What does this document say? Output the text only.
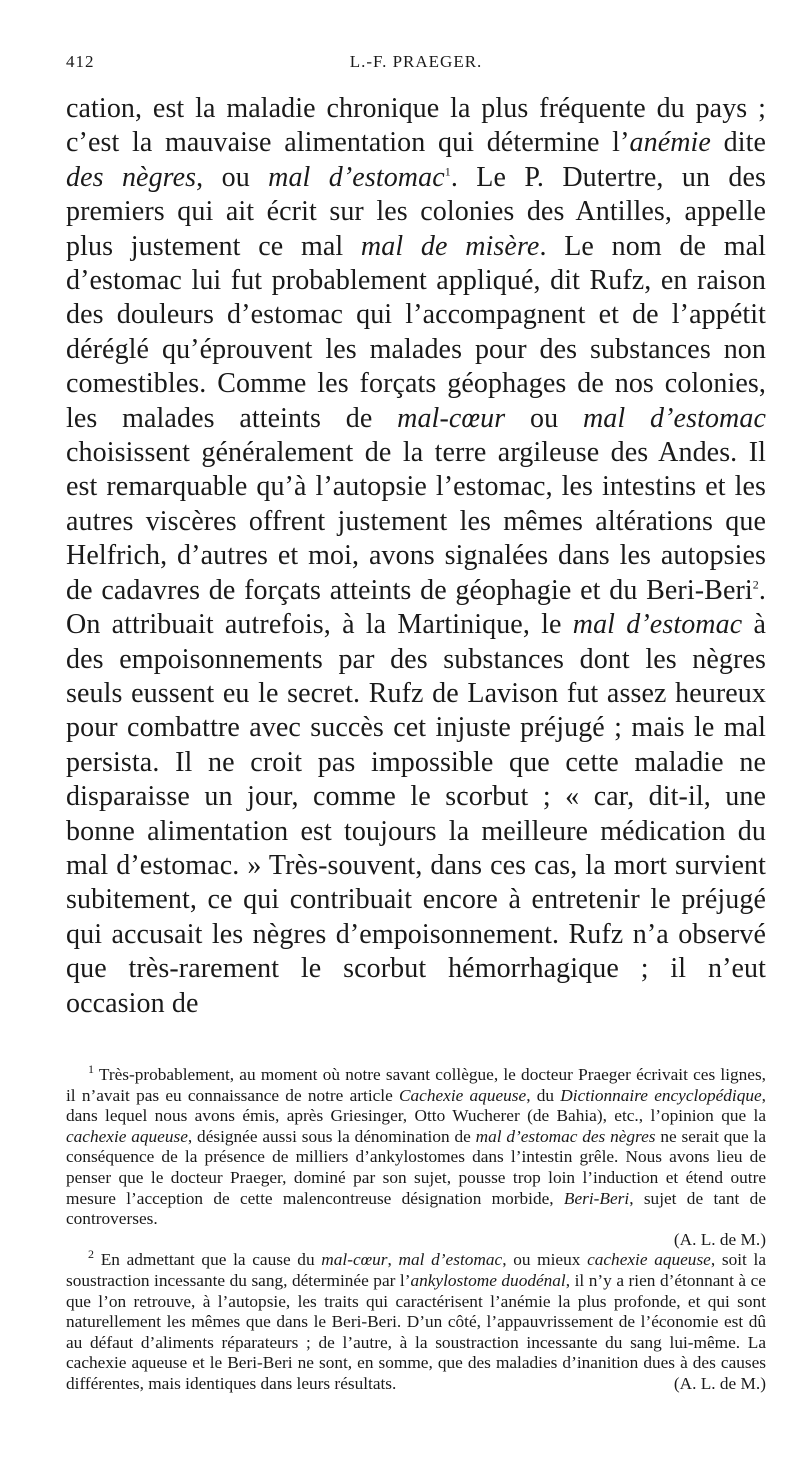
412	L.-F. PRAEGER.

cation, est la maladie chronique la plus fréquente du pays ; c’est la mauvaise alimentation qui détermine l’anémie dite des nègres, ou mal d’estomac$^1$. Le P. Dutertre, un des premiers qui ait écrit sur les colonies des Antilles, appelle plus justement ce mal mal de misère. Le nom de mal d’estomac lui fut probablement appliqué, dit Rufz, en raison des douleurs d’estomac qui l’accompagnent et de l’appétit déréglé qu’éprouvent les malades pour des substances non comestibles. Comme les forçats géophages de nos colonies, les malades atteints de mal-cœur ou mal d’estomac choisissent généralement de la terre argileuse des Andes. Il est remarquable qu’à l’autopsie l’estomac, les intestins et les autres viscères offrent justement les mêmes altérations que Helfrich, d’autres et moi, avons signalées dans les autopsies de cadavres de forçats atteints de géophagie et du Beri-Beri$^2$. On attribuait autrefois, à la Martinique, le mal d’estomac à des empoisonnements par des substances dont les nègres seuls eussent eu le secret. Rufz de Lavison fut assez heureux pour combattre avec succès cet injuste préjugé ; mais le mal persista. Il ne croit pas impossible que cette maladie ne disparaisse un jour, comme le scorbut ; « car, dit-il, une bonne alimentation est toujours la meilleure médication du mal d’estomac. » Très-souvent, dans ces cas, la mort survient subitement, ce qui contribuait encore à entretenir le préjugé qui accusait les nègres d’empoisonnement. Rufz n’a observé que très-rarement le scorbut hémorrhagique ; il n’eut occasion de

$^1$ Très-probablement, au moment où notre savant collègue, le docteur Praeger écrivait ces lignes, il n’avait pas eu connaissance de notre article Cachexie aqueuse, du Dictionnaire encyclopédique, dans lequel nous avons émis, après Griesinger, Otto Wucherer (de Bahia), etc., l’opinion que la cachexie aqueuse, désignée aussi sous la dénomination de mal d’estomac des nègres ne serait que la conséquence de la présence de milliers d’ankylostomes dans l’intestin grêle. Nous avons lieu de penser que le docteur Praeger, dominé par son sujet, pousse trop loin l’induction et étend outre mesure l’acception de cette malencontreuse désignation morbide, Beri-Beri, sujet de tant de controverses.

(A. L. de M.)

$^2$ En admettant que la cause du mal-cœur, mal d’estomac, ou mieux cachexie aqueuse, soit la soustraction incessante du sang, déterminée par l’ankylostome duodénal, il n’y a rien d’étonnant à ce que l’on retrouve, à l’autopsie, les traits qui caractérisent l’anémie la plus profonde, et qui sont naturellement les mêmes que dans le Beri-Beri. D’un côté, l’appauvrissement de l’économie est dû au défaut d’aliments réparateurs ; de l’autre, à la soustraction incessante du sang lui-même. La cachexie aqueuse et le Beri-Beri ne sont, en somme, que des maladies d’inanition dues à des causes différentes, mais identiques dans leurs résultats.	(A. L. de M.)
